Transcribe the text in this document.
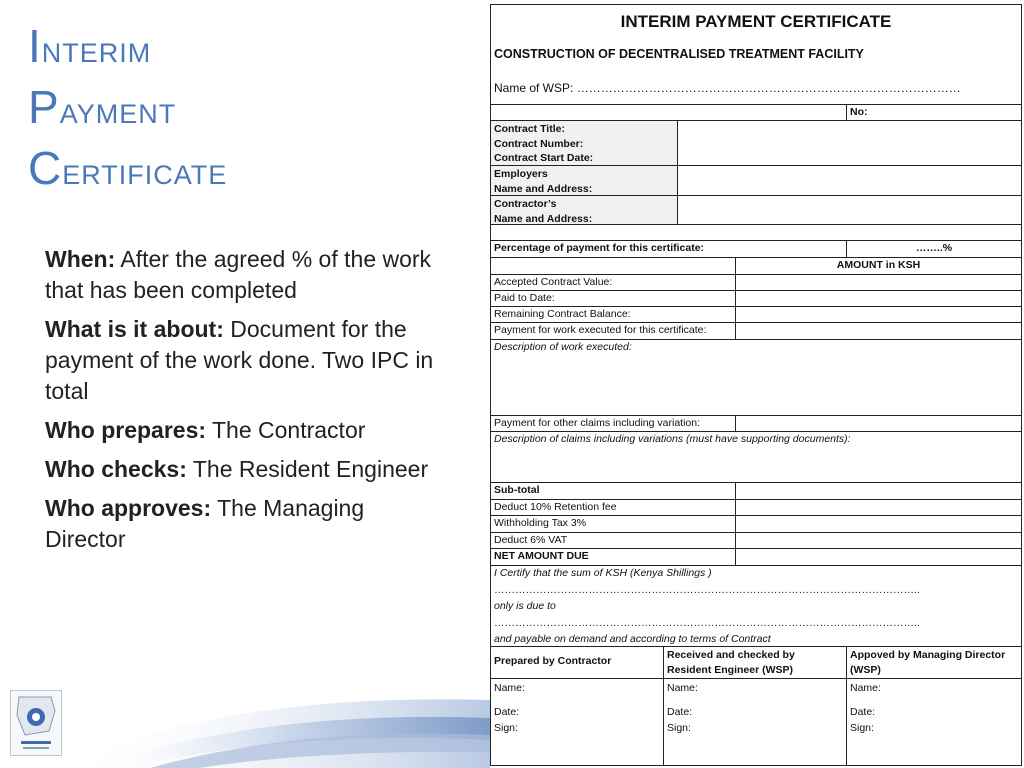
Interim
Payment
Certificate
When: After the agreed % of the work that has been completed
What is it about: Document for the payment of the work done. Two IPC in total
Who prepares: The Contractor
Who checks: The Resident Engineer
Who approves: The Managing Director
INTERIM PAYMENT CERTIFICATE
CONSTRUCTION OF DECENTRALISED TREATMENT FACILITY
Name of WSP: ……………………………………………………………………………………
No:
Contract Title:
Contract Number:
Contract Start Date:
Employers
Name and Address:
Contractor’s
Name and Address:
Percentage of payment for this certificate:	……..%
AMOUNT in KSH
Accepted Contract Value:
Paid to Date:
Remaining Contract Balance:
Payment for work executed for this certificate:
Description of work executed:
Payment for other claims including variation:
Description of claims including variations (must have supporting documents):
Sub-total
Deduct 10% Retention fee
Withholding Tax 3%
Deduct 6% VAT
NET AMOUNT DUE
I Certify that the sum of KSH (Kenya Shillings )
…………………………………………………………………………………………………………..
only is due to
…………………………………………………………………………………………………………..
and payable on demand and according to terms of Contract
Prepared by Contractor	Received and checked by
Resident Engineer (WSP)
Appoved by Managing Director
(WSP)
Name:
Date:
Sign:
Name:
Date:
Sign:
Name:
Date:
Sign:
